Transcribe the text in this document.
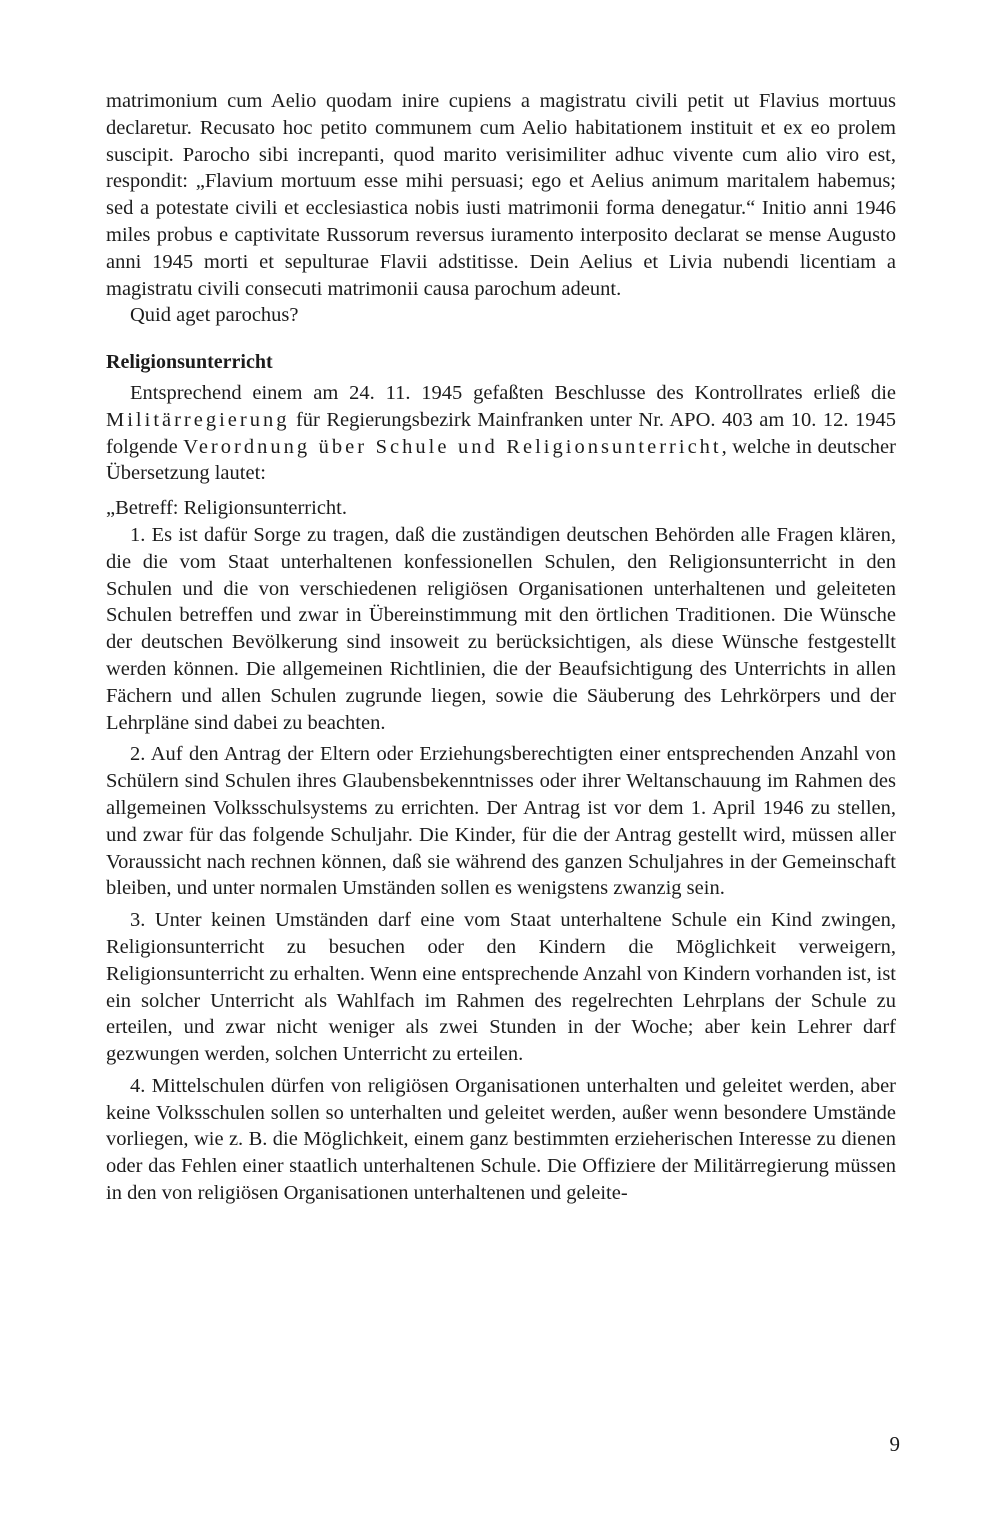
matrimonium cum Aelio quodam inire cupiens a magistratu civili petit ut Flavius mortuus declaretur. Recusato hoc petito communem cum Aelio habitationem instituit et ex eo prolem suscipit. Parocho sibi increpanti, quod marito verisimiliter adhuc vivente cum alio viro est, respondit: „Flavium mortuum esse mihi persuasi; ego et Aelius animum maritalem habemus; sed a potestate civili et ecclesiastica nobis iusti matrimonii forma denegatur.“ Initio anni 1946 miles probus e captivitate Russorum reversus iuramento interposito declarat se mense Augusto anni 1945 morti et sepulturae Flavii adstitisse. Dein Aelius et Livia nubendi licentiam a magistratu civili consecuti matrimonii causa parochum adeunt.

Quid aget parochus?

Religionsunterricht

Entsprechend einem am 24. 11. 1945 gefaßten Beschlusse des Kontrollrates erließ die Militärregierung für Regierungsbezirk Mainfranken unter Nr. APO. 403 am 10. 12. 1945 folgende Verordnung über Schule und Religionsunterricht, welche in deutscher Übersetzung lautet:

„Betreff: Religionsunterricht.

1. Es ist dafür Sorge zu tragen, daß die zuständigen deutschen Behörden alle Fragen klären, die die vom Staat unterhaltenen konfessionellen Schulen, den Religionsunterricht in den Schulen und die von verschiedenen religiösen Organisationen unterhaltenen und geleiteten Schulen betreffen und zwar in Übereinstimmung mit den örtlichen Traditionen. Die Wünsche der deutschen Bevölkerung sind insoweit zu berücksichtigen, als diese Wünsche festgestellt werden können. Die allgemeinen Richtlinien, die der Beaufsichtigung des Unterrichts in allen Fächern und allen Schulen zugrunde liegen, sowie die Säuberung des Lehrkörpers und der Lehrpläne sind dabei zu beachten.

2. Auf den Antrag der Eltern oder Erziehungsberechtigten einer entsprechenden Anzahl von Schülern sind Schulen ihres Glaubensbekenntnisses oder ihrer Weltanschauung im Rahmen des allgemeinen Volksschulsystems zu errichten. Der Antrag ist vor dem 1. April 1946 zu stellen, und zwar für das folgende Schuljahr. Die Kinder, für die der Antrag gestellt wird, müssen aller Voraussicht nach rechnen können, daß sie während des ganzen Schuljahres in der Gemeinschaft bleiben, und unter normalen Umständen sollen es wenigstens zwanzig sein.

3. Unter keinen Umständen darf eine vom Staat unterhaltene Schule ein Kind zwingen, Religionsunterricht zu besuchen oder den Kindern die Möglichkeit verweigern, Religionsunterricht zu erhalten. Wenn eine entsprechende Anzahl von Kindern vorhanden ist, ist ein solcher Unterricht als Wahlfach im Rahmen des regelrechten Lehrplans der Schule zu erteilen, und zwar nicht weniger als zwei Stunden in der Woche; aber kein Lehrer darf gezwungen werden, solchen Unterricht zu erteilen.

4. Mittelschulen dürfen von religiösen Organisationen unterhalten und geleitet werden, aber keine Volksschulen sollen so unterhalten und geleitet werden, außer wenn besondere Umstände vorliegen, wie z. B. die Möglichkeit, einem ganz bestimmten erzieherischen Interesse zu dienen oder das Fehlen einer staatlich unterhaltenen Schule. Die Offiziere der Militärregierung müssen in den von religiösen Organisationen unterhaltenen und geleite-

9
